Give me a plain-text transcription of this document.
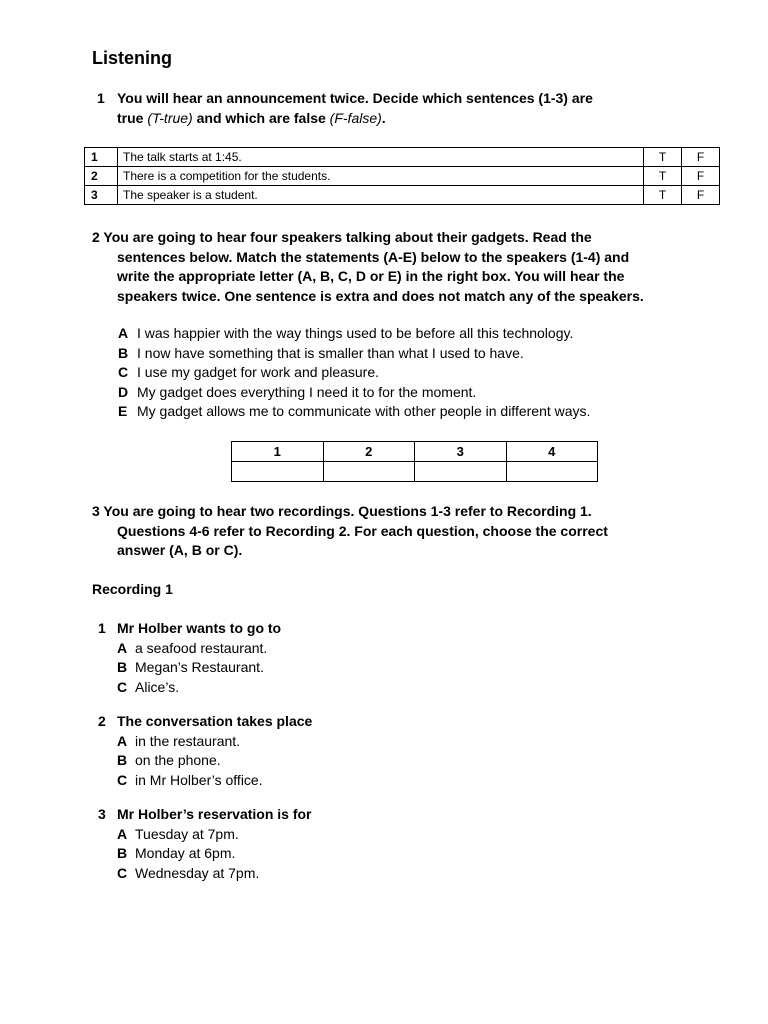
Listening
1 You will hear an announcement twice. Decide which sentences (1-3) are
true (T-true) and which are false (F-false).
1	The talk starts at 1:45.	T	F
2	There is a competition for the students.	T	F
3	The speaker is a student.	T	F
2 You are going to hear four speakers talking about their gadgets. Read the
sentences below. Match the statements (A-E) below to the speakers (1-4) and
write the appropriate letter (A, B, C, D or E) in the right box. You will hear the
speakers twice. One sentence is extra and does not match any of the speakers.
A I was happier with the way things used to be before all this technology.
B I now have something that is smaller than what I used to have.
C I use my gadget for work and pleasure.
D My gadget does everything I need it to for the moment.
E My gadget allows me to communicate with other people in different ways.
1	2	3	4

3 You are going to hear two recordings. Questions 1-3 refer to Recording 1.
Questions 4-6 refer to Recording 2. For each question, choose the correct
answer (A, B or C).
Recording 1
1 Mr Holber wants to go to
A a seafood restaurant.
B Megan’s Restaurant.
C Alice’s.
2 The conversation takes place
A in the restaurant.
B on the phone.
C in Mr Holber’s office.
3 Mr Holber’s reservation is for
A Tuesday at 7pm.
B Monday at 6pm.
C Wednesday at 7pm.
